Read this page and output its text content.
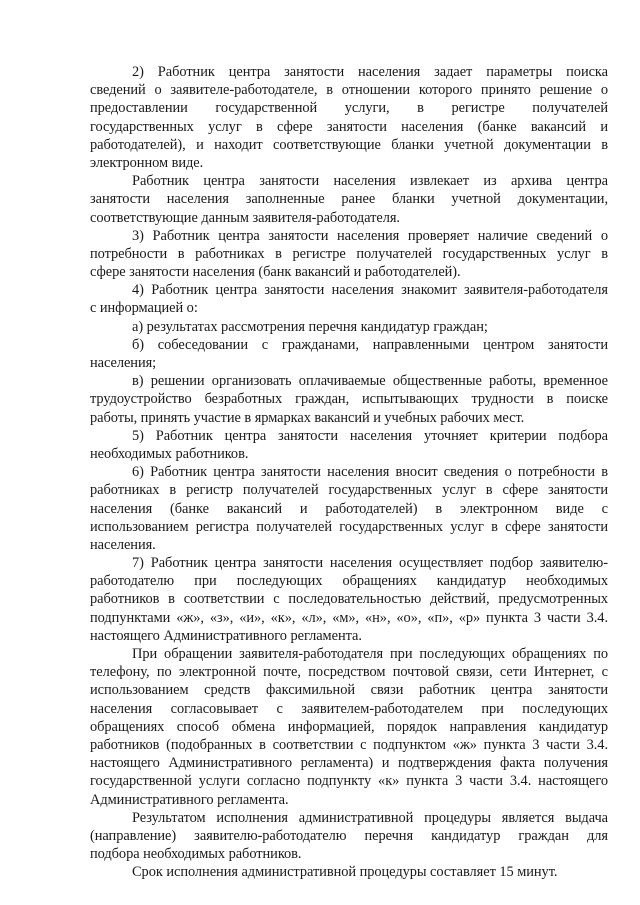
2) Работник центра занятости населения задает параметры поиска
сведений о заявителе-работодателе, в отношении которого принято решение о
предоставлении государственной услуги, в регистре получателей
государственных услуг в сфере занятости населения (банке вакансий и
работодателей), и находит соответствующие бланки учетной документации в
электронном виде.
Работник центра занятости населения извлекает из архива центра
занятости населения заполненные ранее бланки учетной документации,
соответствующие данным заявителя-работодателя.
3) Работник центра занятости населения проверяет наличие сведений о
потребности в работниках в регистре получателей государственных услуг в
сфере занятости населения (банк вакансий и работодателей).
4) Работник центра занятости населения знакомит заявителя-работодателя
с информацией о:
а) результатах рассмотрения перечня кандидатур граждан;
б) собеседовании с гражданами, направленными центром занятости
населения;
в) решении организовать оплачиваемые общественные работы, временное
трудоустройство безработных граждан, испытывающих трудности в поиске
работы, принять участие в ярмарках вакансий и учебных рабочих мест.
5) Работник центра занятости населения уточняет критерии подбора
необходимых работников.
6) Работник центра занятости населения вносит сведения о потребности в
работниках в регистр получателей государственных услуг в сфере занятости
населения (банке вакансий и работодателей) в электронном виде с
использованием регистра получателей государственных услуг в сфере занятости
населения.
7) Работник центра занятости населения осуществляет подбор заявителю-
работодателю при последующих обращениях кандидатур необходимых
работников в соответствии с последовательностью действий, предусмотренных
подпунктами «ж», «з», «и», «к», «л», «м», «н», «о», «п», «р» пункта 3 части 3.4.
настоящего Административного регламента.
При обращении заявителя-работодателя при последующих обращениях по
телефону, по электронной почте, посредством почтовой связи, сети Интернет, с
использованием средств факсимильной связи работник центра занятости
населения согласовывает с заявителем-работодателем при последующих
обращениях способ обмена информацией, порядок направления кандидатур
работников (подобранных в соответствии с подпунктом «ж» пункта 3 части 3.4.
настоящего Административного регламента) и подтверждения факта получения
государственной услуги согласно подпункту «к» пункта 3 части 3.4. настоящего
Административного регламента.
Результатом исполнения административной процедуры является выдача
(направление) заявителю-работодателю перечня кандидатур граждан для
подбора необходимых работников.
Срок исполнения административной процедуры составляет 15 минут.
